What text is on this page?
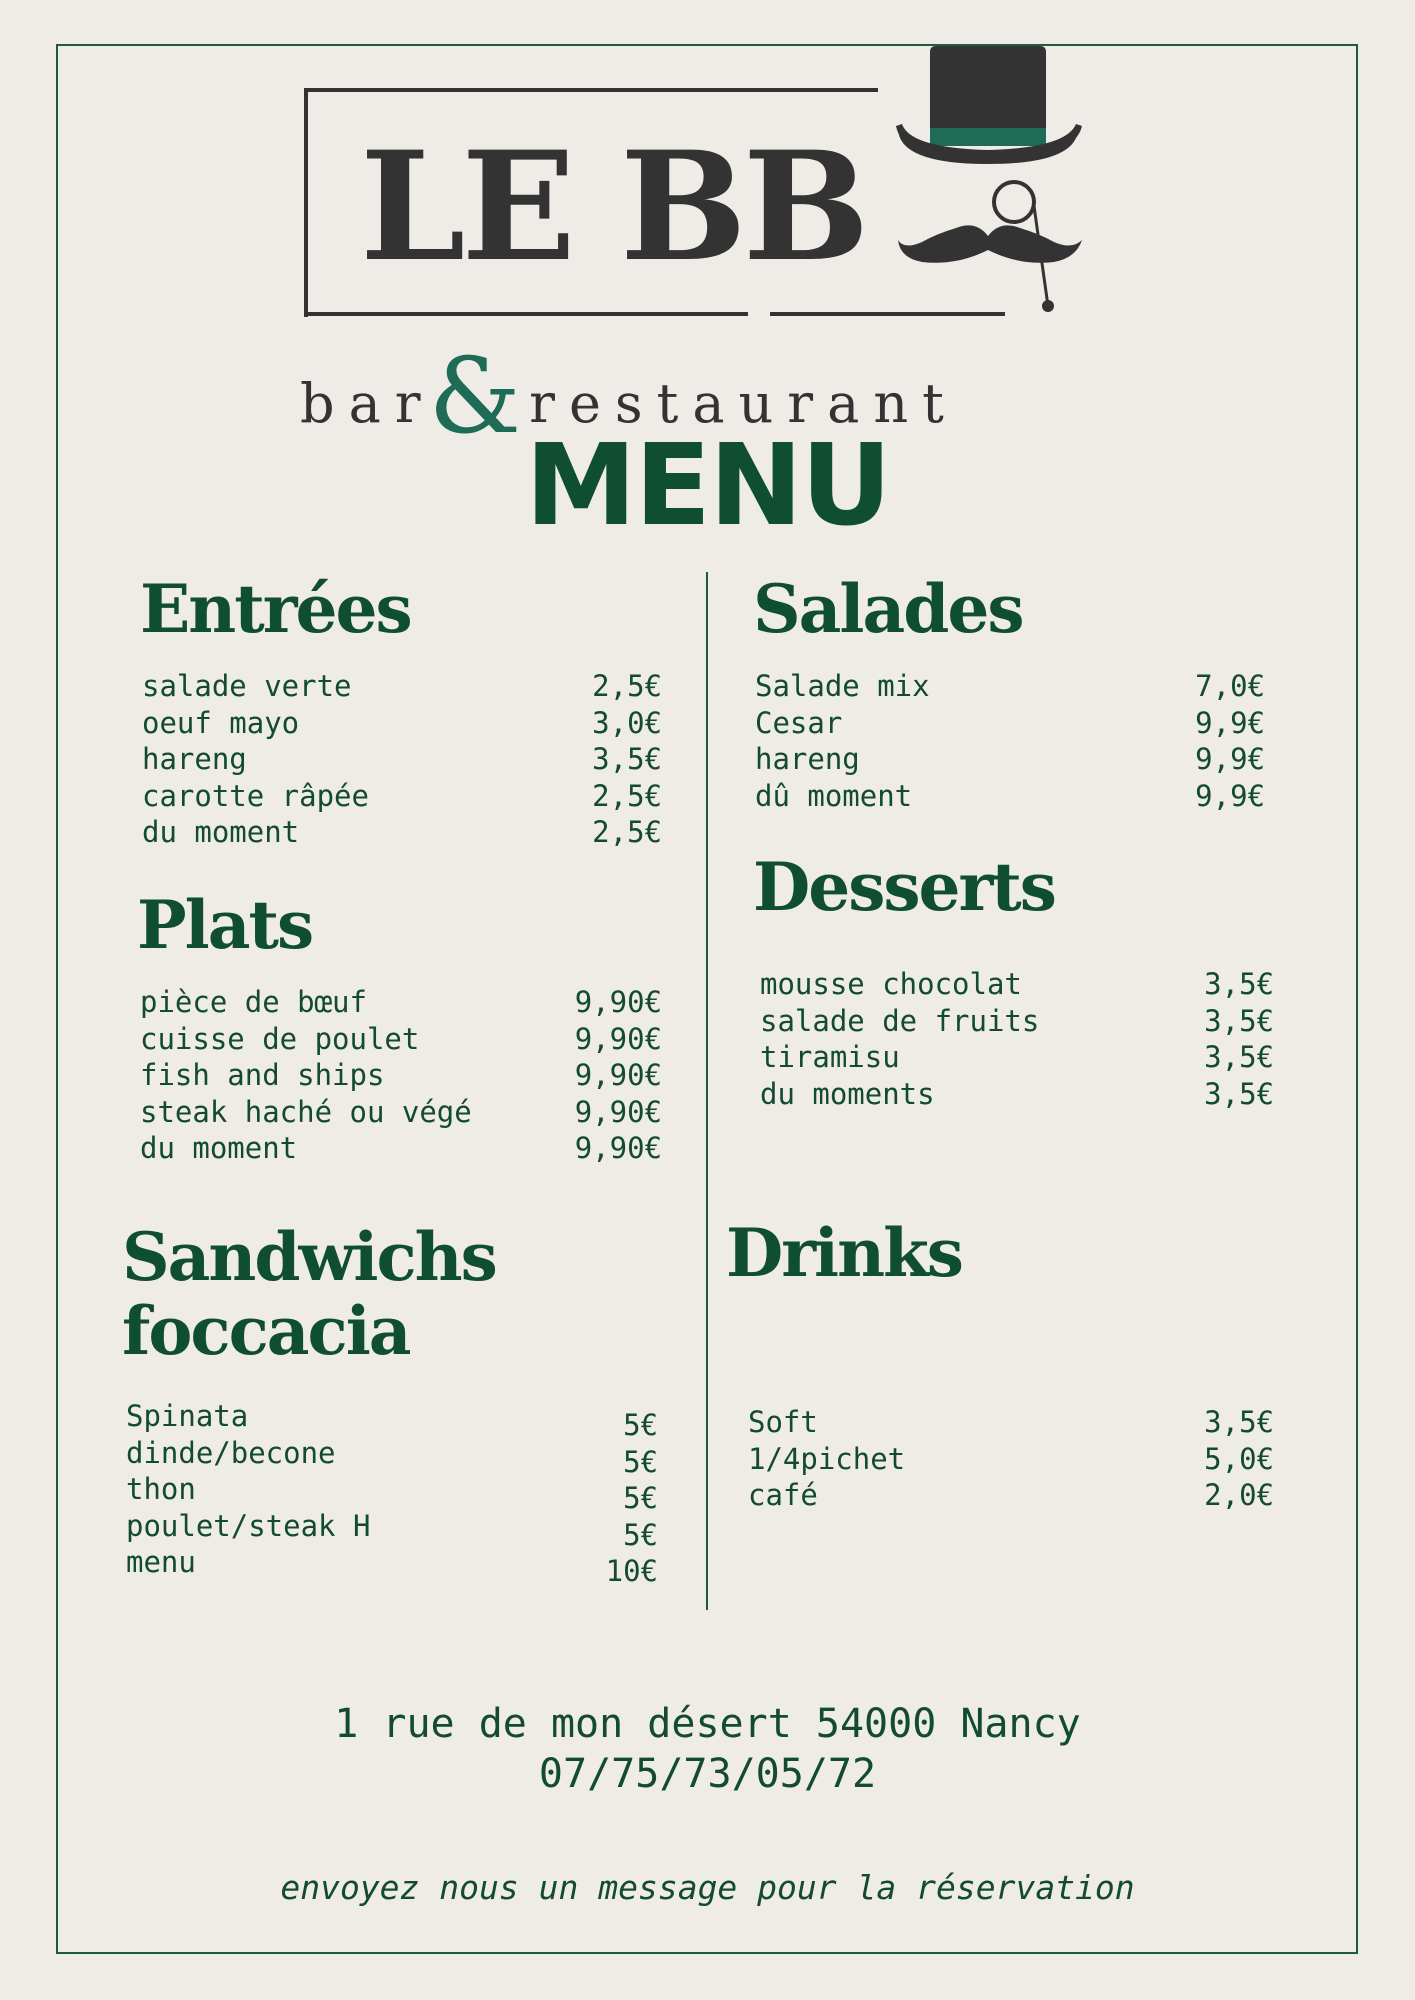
LE BB
bar& restaurant
MENU
Entrées
salade verte	2,5€
oeuf mayo	3,0€
hareng	3,5€
carotte râpée	2,5€
du moment	2,5€
Plats
pièce de bœuf	9,90€
cuisse de poulet	9,90€
fish and ships	9,90€
steak haché ou végé	9,90€
du moment	9,90€
Sandwichs
foccacia
Spinata	5€
dinde/becone	5€
thon	5€
poulet/steak H	5€
menu	10€
Salades
Salade mix	7,0€
Cesar	9,9€
hareng	9,9€
dû moment	9,9€
Desserts
mousse chocolat	3,5€
salade de fruits	3,5€
tiramisu	3,5€
du moments	3,5€
Drinks
Soft	3,5€
1/4pichet	5,0€
café	2,0€
1 rue de mon désert 54000 Nancy
07/75/73/05/72
envoyez nous un message pour la réservation
